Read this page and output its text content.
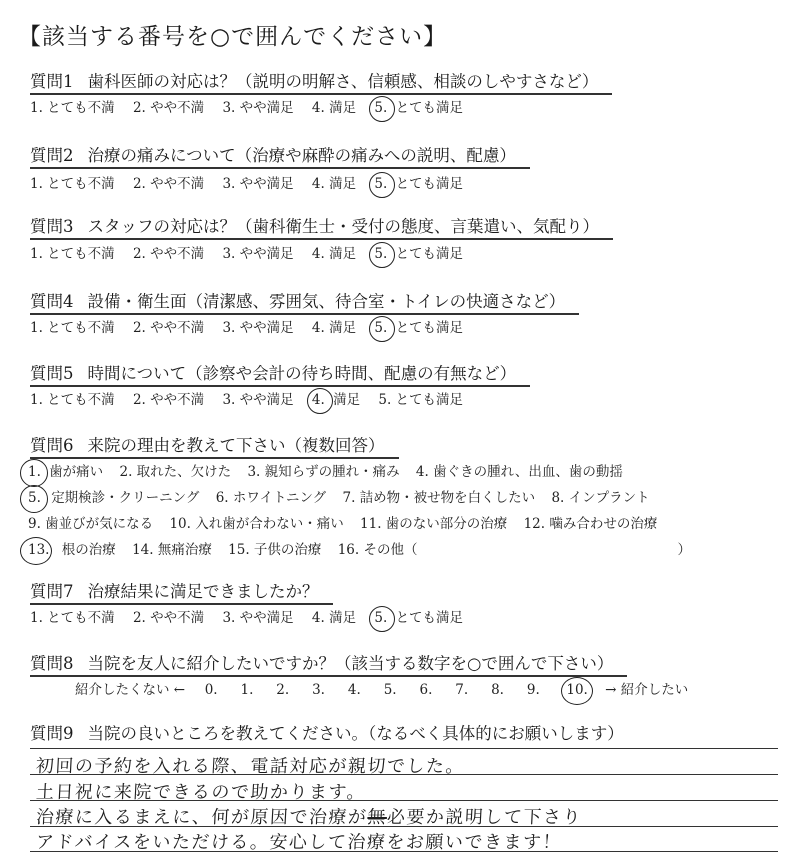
【該当する番号を○で囲んでください】
質問1 歯科医師の対応は？（説明の明解さ、信頼感、相談のしやすさなど）
1. とても不満 2. やや不満 3. やや満足 4. 満足 5. とても満足
質問2 治療の痛みについて（治療や麻酔の痛みへの説明、配慮）
1. とても不満 2. やや不満 3. やや満足 4. 満足 5. とても満足
質問3 スタッフの対応は？（歯科衛生士・受付の態度、言葉遣い、気配り）
1. とても不満 2. やや不満 3. やや満足 4. 満足 5. とても満足
質問4 設備・衛生面（清潔感、雰囲気、待合室・トイレの快適さなど）
1. とても不満 2. やや不満 3. やや満足 4. 満足 5. とても満足
質問5 時間について（診察や会計の待ち時間、配慮の有無など）
1. とても不満 2. やや不満 3. やや満足 4. 満足 5. とても満足
質問6 来院の理由を教えて下さい（複数回答）
1. 歯が痛い 2. 取れた、欠けた 3. 親知らずの腫れ・痛み 4. 歯ぐきの腫れ、出血、歯の動揺
5. 定期検診・クリーニング 6. ホワイトニング 7. 詰め物・被せ物を白くしたい 8. インプラント
9. 歯並びが気になる 10. 入れ歯が合わない・痛い 11. 歯のない部分の治療 12. 噛み合わせの治療
13. 根の治療 14. 無痛治療 15. 子供の治療 16. その他（	）
質問7 治療結果に満足できましたか？
1. とても不満 2. やや不満 3. やや満足 4. 満足 5. とても満足
質問8 当院を友人に紹介したいですか？（該当する数字を○で囲んで下さい）
紹介したくない ← 0. 1. 2. 3. 4. 5. 6. 7. 8. 9. 10. → 紹介したい
質問9 当院の良いところを教えてください。（なるべく具体的にお願いします）
初回の予約を入れる際、電話対応が親切でした。
土日祝に来院できるので助かります。
治療に入るまえに、何が原因で治療が無必要か説明して下さり
アドバイスをいただける。安心して治療をお願いできます！
